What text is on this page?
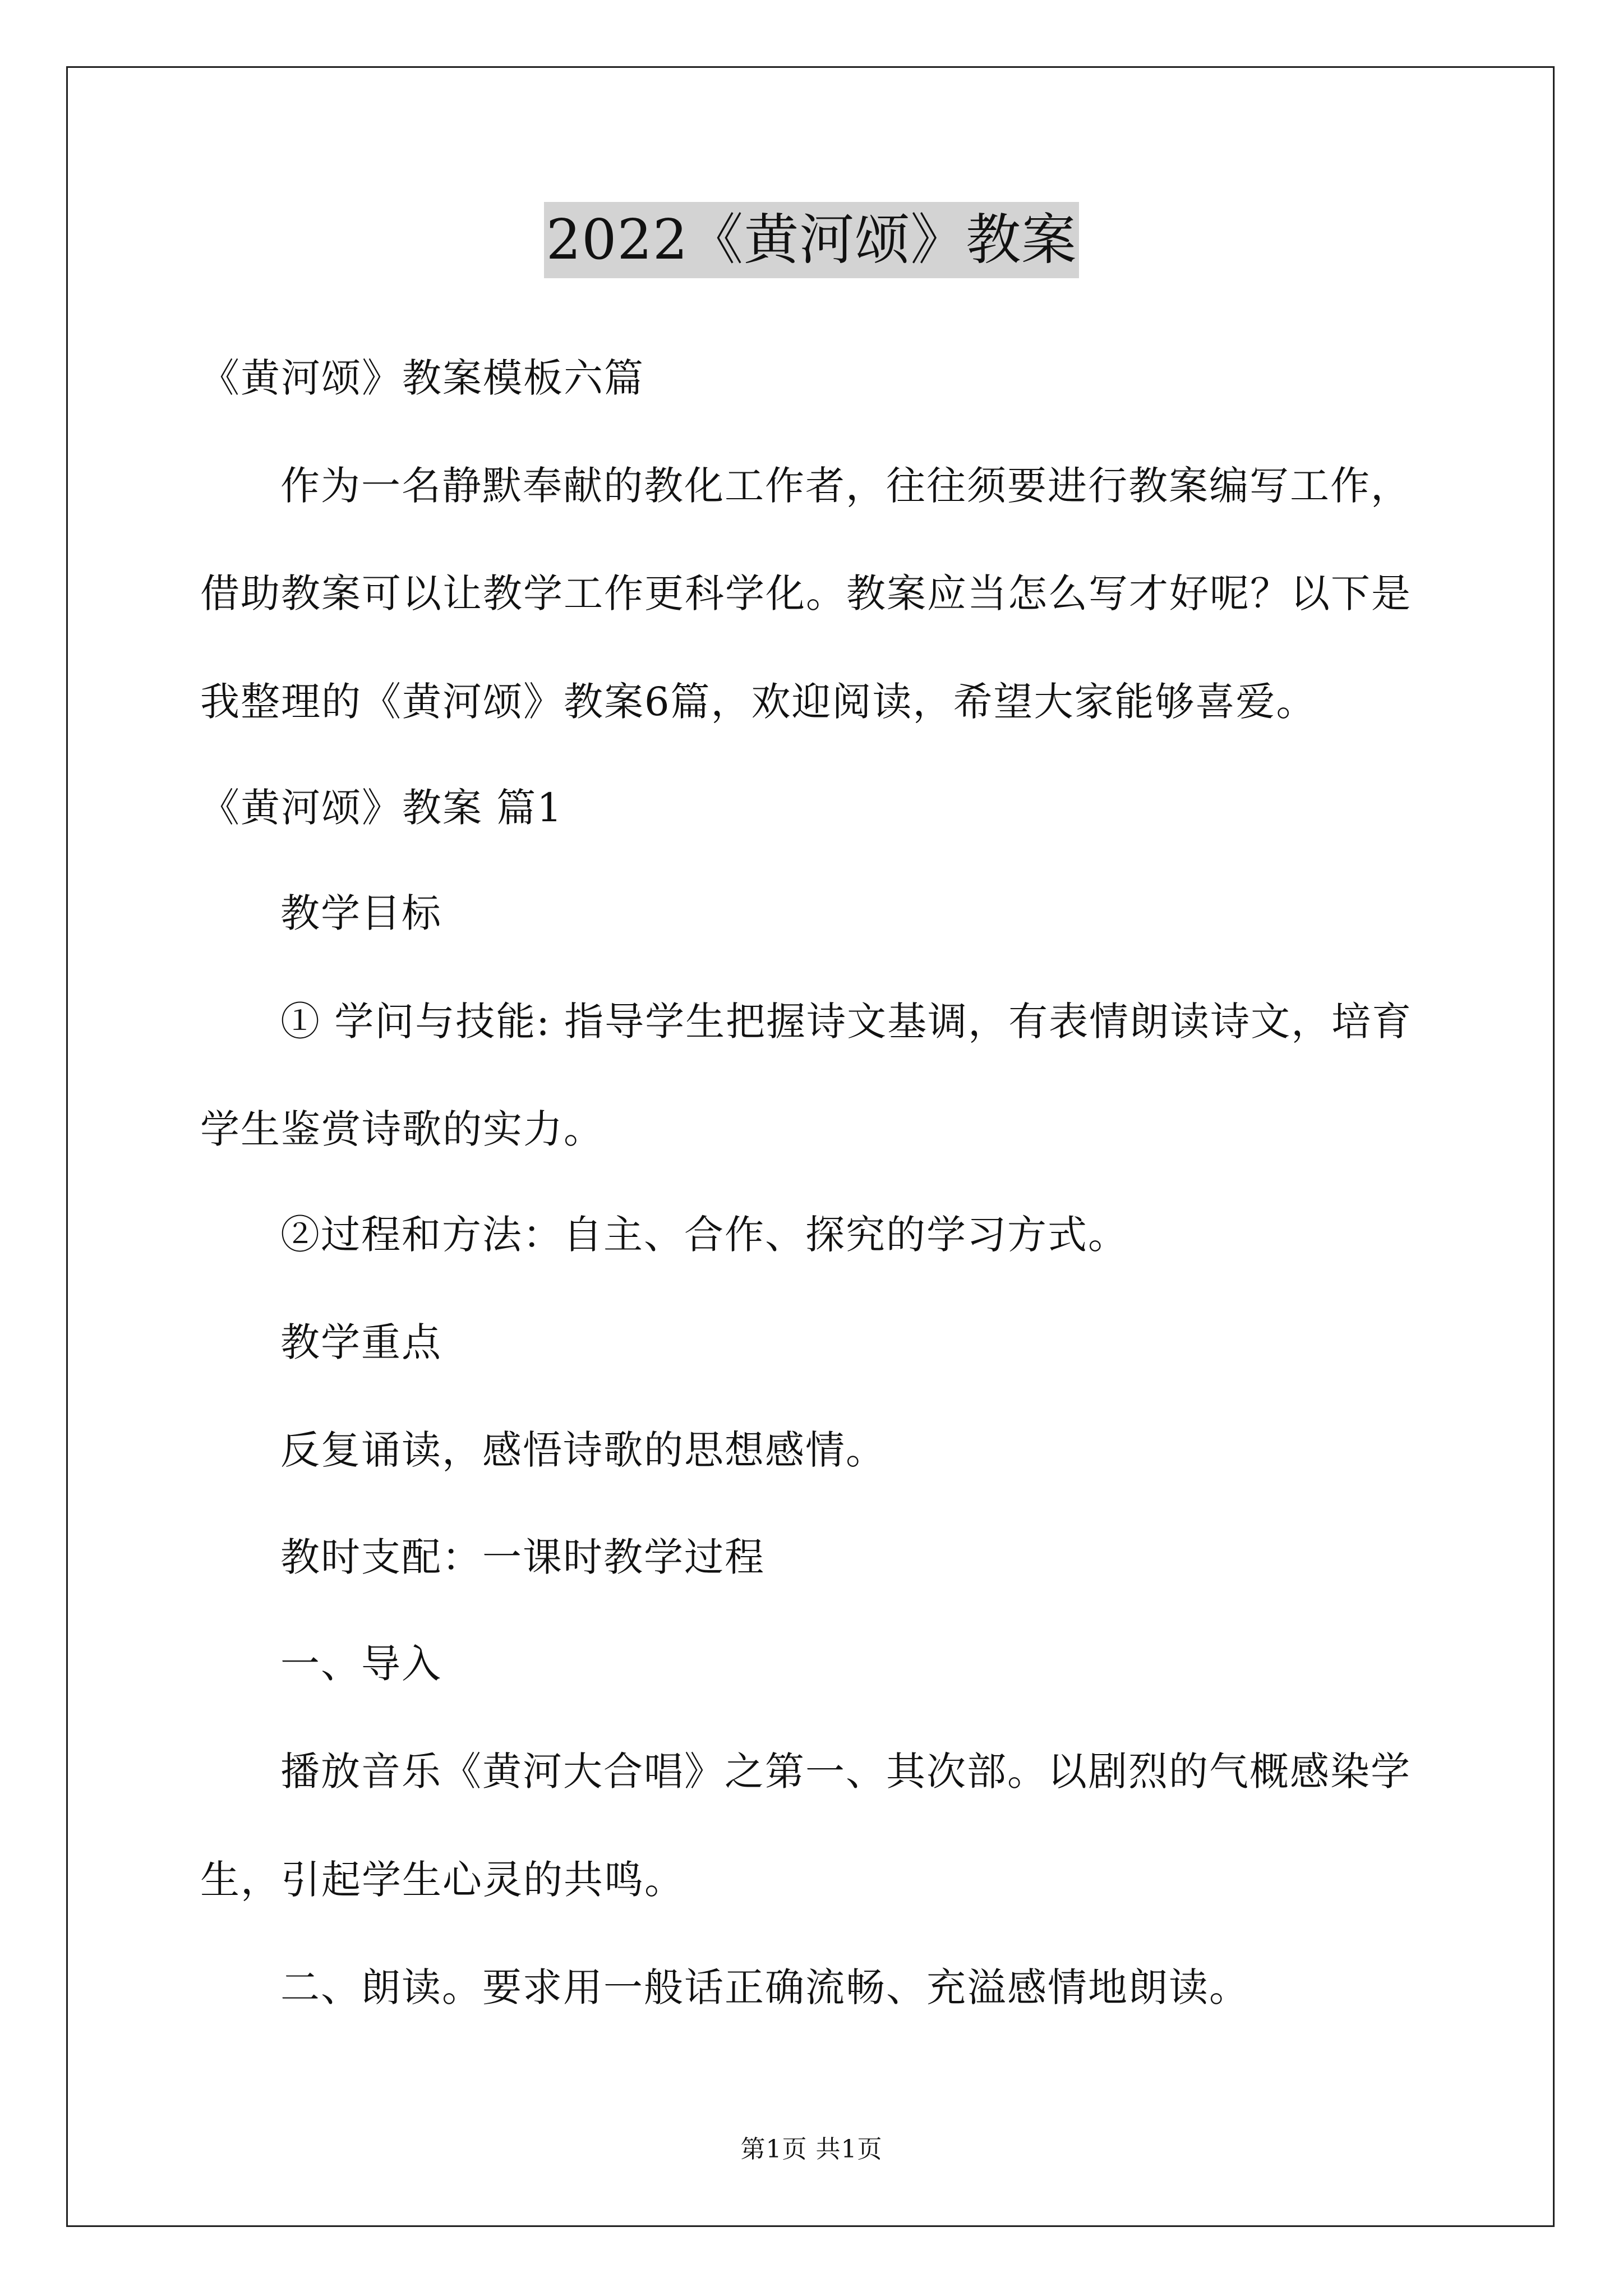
2022《黄河颂》教案
《黄河颂》教案模板六篇
作为一名静默奉献的教化工作者，往往须要进行教案编写工作，
借助教案可以让教学工作更科学化。教案应当怎么写才好呢？以下是
我整理的《黄河颂》教案6篇，欢迎阅读，希望大家能够喜爱。
《黄河颂》教案 篇1
教学目标
① 学问与技能: 指导学生把握诗文基调，有表情朗读诗文，培育
学生鉴赏诗歌的实力。
②过程和方法：自主、合作、探究的学习方式。
教学重点
反复诵读，感悟诗歌的思想感情。
教时支配：一课时教学过程
一、导入
播放音乐《黄河大合唱》之第一、其次部。以剧烈的气概感染学
生，引起学生心灵的共鸣。
二、朗读。要求用一般话正确流畅、充溢感情地朗读。
第1页 共1页
